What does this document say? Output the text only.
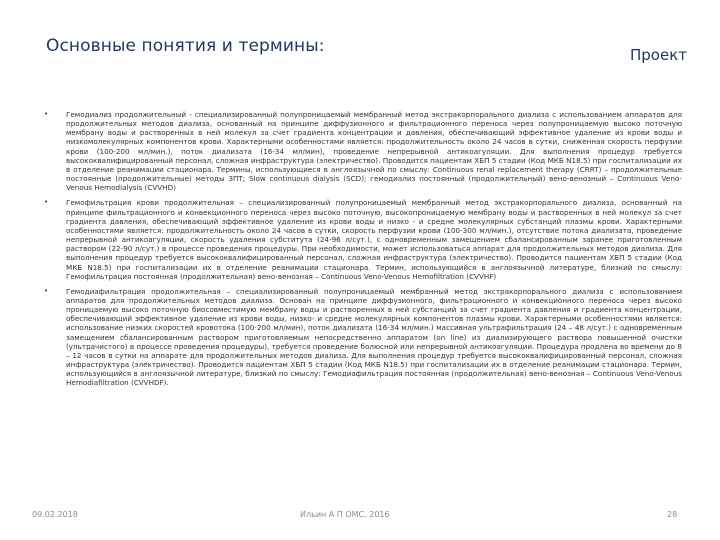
Основные понятия и термины:	Проект
• Гемодиализ продолжительный - специализированный полупроницаемый мембранный метод экстракорпорального диализа с использованием аппаратов для продолжительных методов диализа, основанный на принципе диффузионного и фильтрационного переноса через полупроницаемую высоко поточную мембрану воды и растворенных в ней молекул за счет градиента концентрации и давления, обеспечивающий эффективное удаление из крови воды и низкомолекулярных компонентов крови. Характерными особенностями является: продолжительность около 24 часов в сутки, сниженная скорость перфузии крови (100-200 мл/мин.), поток диализата (16-34 мл/мин), проведение непрерывной антикоагуляции. Для выполнения процедур требуется высококвалифицированный персонал, сложная инфраструктура (электричество). Проводится пациентам ХБП 5 стадии (Код МКБ N18.5) при госпитализации их в отделение реанимации стационара. Термины, использующиеся в англоязычной по смыслу: Continuous renal replacement therapy (CRRT) – продолжительные постоянные (продолжительные) методы ЗПТ; Slow continuous dialysis (SCD); гемодиализ постоянный (продолжительный) вено-венозный – Continuous Veno-Venous Hemodialysis (CVVHD)
• Гемофильтрация крови продолжительная – специализированный полупроницаемый мембранный метод экстракорпорального диализа, основанный на принципе фильтрационного и конвекционного переноса через высоко поточную, высокопроницаемую мембрану воды и растворенных в ней молекул за счет градиента давления, обеспечивающий эффективное удаление из крови воды и низко - и средне молекулярных субстанций плазмы крови. Характерными особенностями является: продолжительность около 24 часов в сутки, скорость перфузии крови (100-300 мл/мин.), отсутствие потока диализата, проведение непрерывной антикоагуляции, скорость удаления субститута (24-96 л/сут.), с одновременным замещением сбалансированным заранее приготовленным раствором (22-90 л/сут.) в процессе проведения процедуры. При необходимости, может использоваться аппарат для продолжительных методов диализа. Для выполнения процедур требуется высококвалифицированный персонал, сложная инфраструктура (электричество). Проводится пациентам ХБП 5 стадии (Код МКБ N18.5) при госпитализации их в отделение реанимации стационара. Термин, использующийся в англоязычной литературе, близкий по смыслу: Гемофильтрация постоянная (продолжительная) вено-венозная – Continuous Veno-Venous Hemofiltration (CVVHF)
• Гемодиафильтрация продолжительная – специализированный полупроницаемый мембранный метод экстракорпорального диализа с использованием аппаратов для продолжительных методов диализа. Основан на принципе диффузионного, фильтрационного и конвекционного переноса через высоко проницаемую высоко поточную биосовместимую мембрану воды и растворенных в ней субстанций за счет градиента давления и градиента концентрации, обеспечивающий эффективное удаление из крови воды, низко- и средне молекулярных компонентов плазмы крови. Характерными особенностями является: использование низких скоростей кровотока (100-200 мл/мин), поток диализата (16-34 мл/мин.) массивная ультрафильтрация (24 – 48 л/сут.) с одновременным замещением сбалансированным раствором приготовляемым непосредственно аппаратом (on line) из диализирующего раствора повышенной очистки (ультрачистого) в процессе проведения процедуры), требуется проведение болюсной или непрерывной антикоагуляции. Процедура продлена во времени до 8 – 12 часов в сутки на аппарате для продолжительных методов диализа. Для выполнения процедур требуется высококвалифицированный персонал, сложная инфраструктура (электричество). Проводится пациентам ХБП 5 стадии (Код МКБ N18.5) при госпитализации их в отделение реанимации стационара. Термин, использующийся в англоязычной литературе, близкий по смыслу: Гемодиафильтрация постоянная (продолжительная) вено-венозная – Continuous Veno-Venous Hemodiafiltration (CVVHDF).
09.02.2018	Ильин А П ОМС, 2016	28
